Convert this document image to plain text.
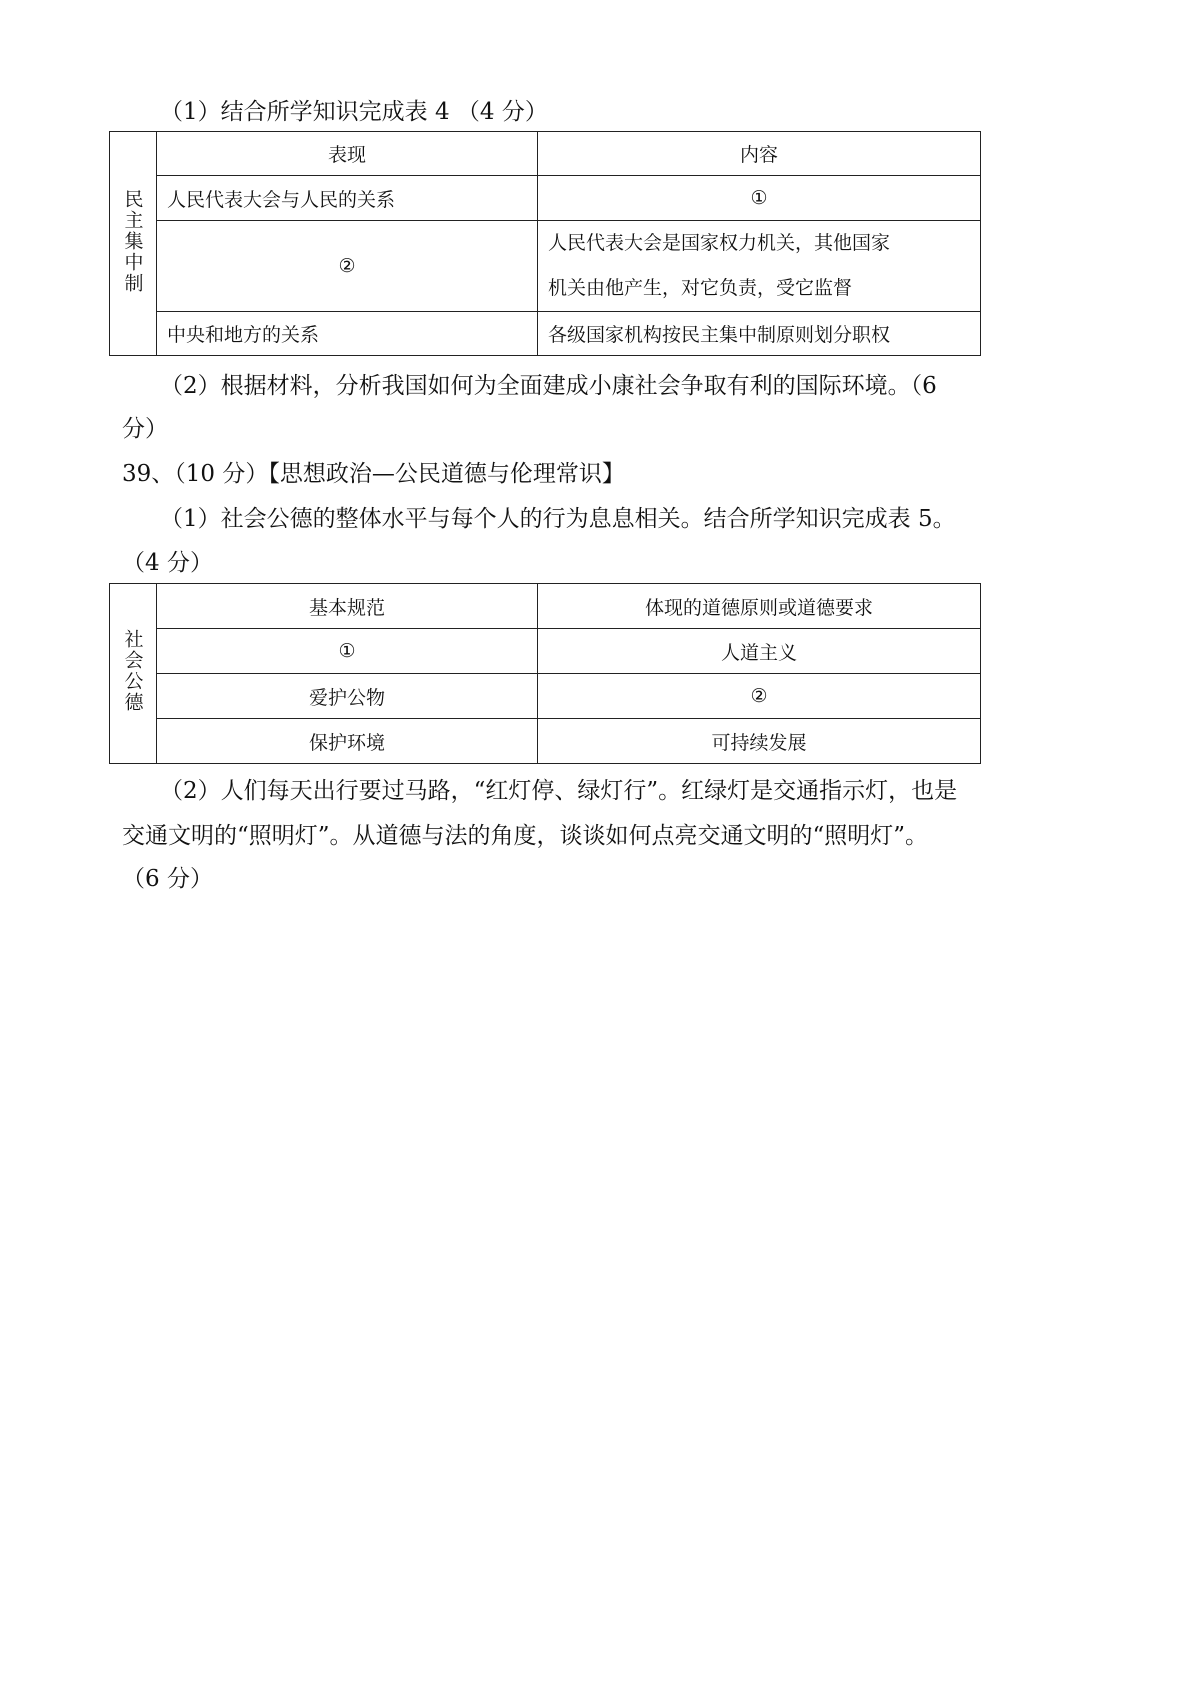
（1）结合所学知识完成表 4 （4 分）
民主集中制	表现	内容
	人民代表大会与人民的关系	①
	②	人民代表大会是国家权力机关，其他国家
机关由他产生，对它负责，受它监督

	中央和地方的关系	各级国家机构按民主集中制原则划分职权
（2）根据材料，分析我国如何为全面建成小康社会争取有利的国际环境。（6
分）
39、（10 分）【思想政治—公民道德与伦理常识】
（1）社会公德的整体水平与每个人的行为息息相关。结合所学知识完成表 5。
（4 分）
社会公德	基本规范	体现的道德原则或道德要求
	①	人道主义
	爱护公物	②
	保护环境	可持续发展
（2）人们每天出行要过马路，“红灯停、绿灯行”。红绿灯是交通指示灯，也是
交通文明的“照明灯”。从道德与法的角度，谈谈如何点亮交通文明的“照明灯”。
（6 分）
